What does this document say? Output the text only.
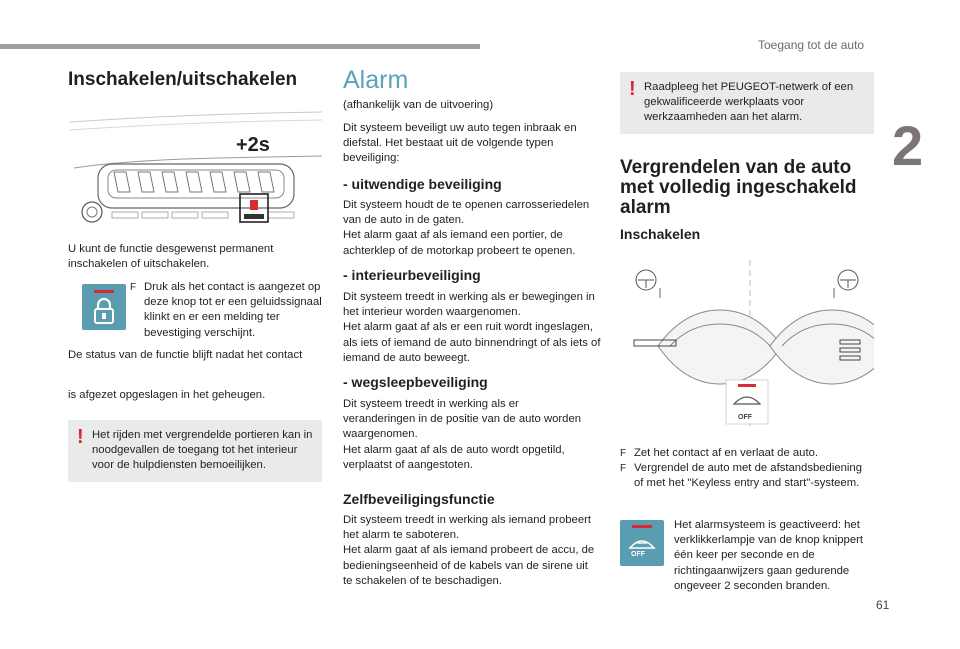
Toegang tot de auto
2
61
Inschakelen/uitschakelen
+2s

U kunt de functie desgewenst permanent inschakelen of uitschakelen.

F Druk als het contact is aangezet op deze knop tot er een geluidssignaal klinkt en er een melding ter bevestiging verschijnt.

De status van de functie blijft nadat het contact

is afgezet opgeslagen in het geheugen.

! Het rijden met vergrendelde portieren kan in noodgevallen de toegang tot het interieur voor de hulpdiensten bemoeilijken.

Alarm

(afhankelijk van de uitvoering)

Dit systeem beveiligt uw auto tegen inbraak en diefstal. Het bestaat uit de volgende typen beveiliging:

- uitwendige beveiliging

Dit systeem houdt de te openen carrosseriedelen van de auto in de gaten.
Het alarm gaat af als iemand een portier, de achterklep of de motorkap probeert te openen.

- interieurbeveiliging

Dit systeem treedt in werking als er bewegingen in het interieur worden waargenomen.
Het alarm gaat af als er een ruit wordt ingeslagen, als iets of iemand de auto binnendringt of als iets of iemand de auto beweegt.

- wegsleepbeveiliging

Dit systeem treedt in werking als er veranderingen in de positie van de auto worden waargenomen.
Het alarm gaat af als de auto wordt opgetild, verplaatst of aangestoten.

Zelfbeveiligingsfunctie

Dit systeem treedt in werking als iemand probeert het alarm te saboteren.
Het alarm gaat af als iemand probeert de accu, de bedieningseenheid of de kabels van de sirene uit te schakelen of te beschadigen.

! Raadpleeg het PEUGEOT-netwerk of een gekwalificeerde werkplaats voor werkzaamheden aan het alarm.

Vergrendelen van de auto met volledig ingeschakeld alarm
Inschakelen
OFF
F Zet het contact af en verlaat de auto.
F Vergrendel de auto met de afstandsbediening of met het "Keyless entry and start"-systeem.
OFF

Het alarmsysteem is geactiveerd: het verklikkerlampje van de knop knippert één keer per seconde en de richtingaanwijzers gaan gedurende ongeveer 2 seconden branden.
